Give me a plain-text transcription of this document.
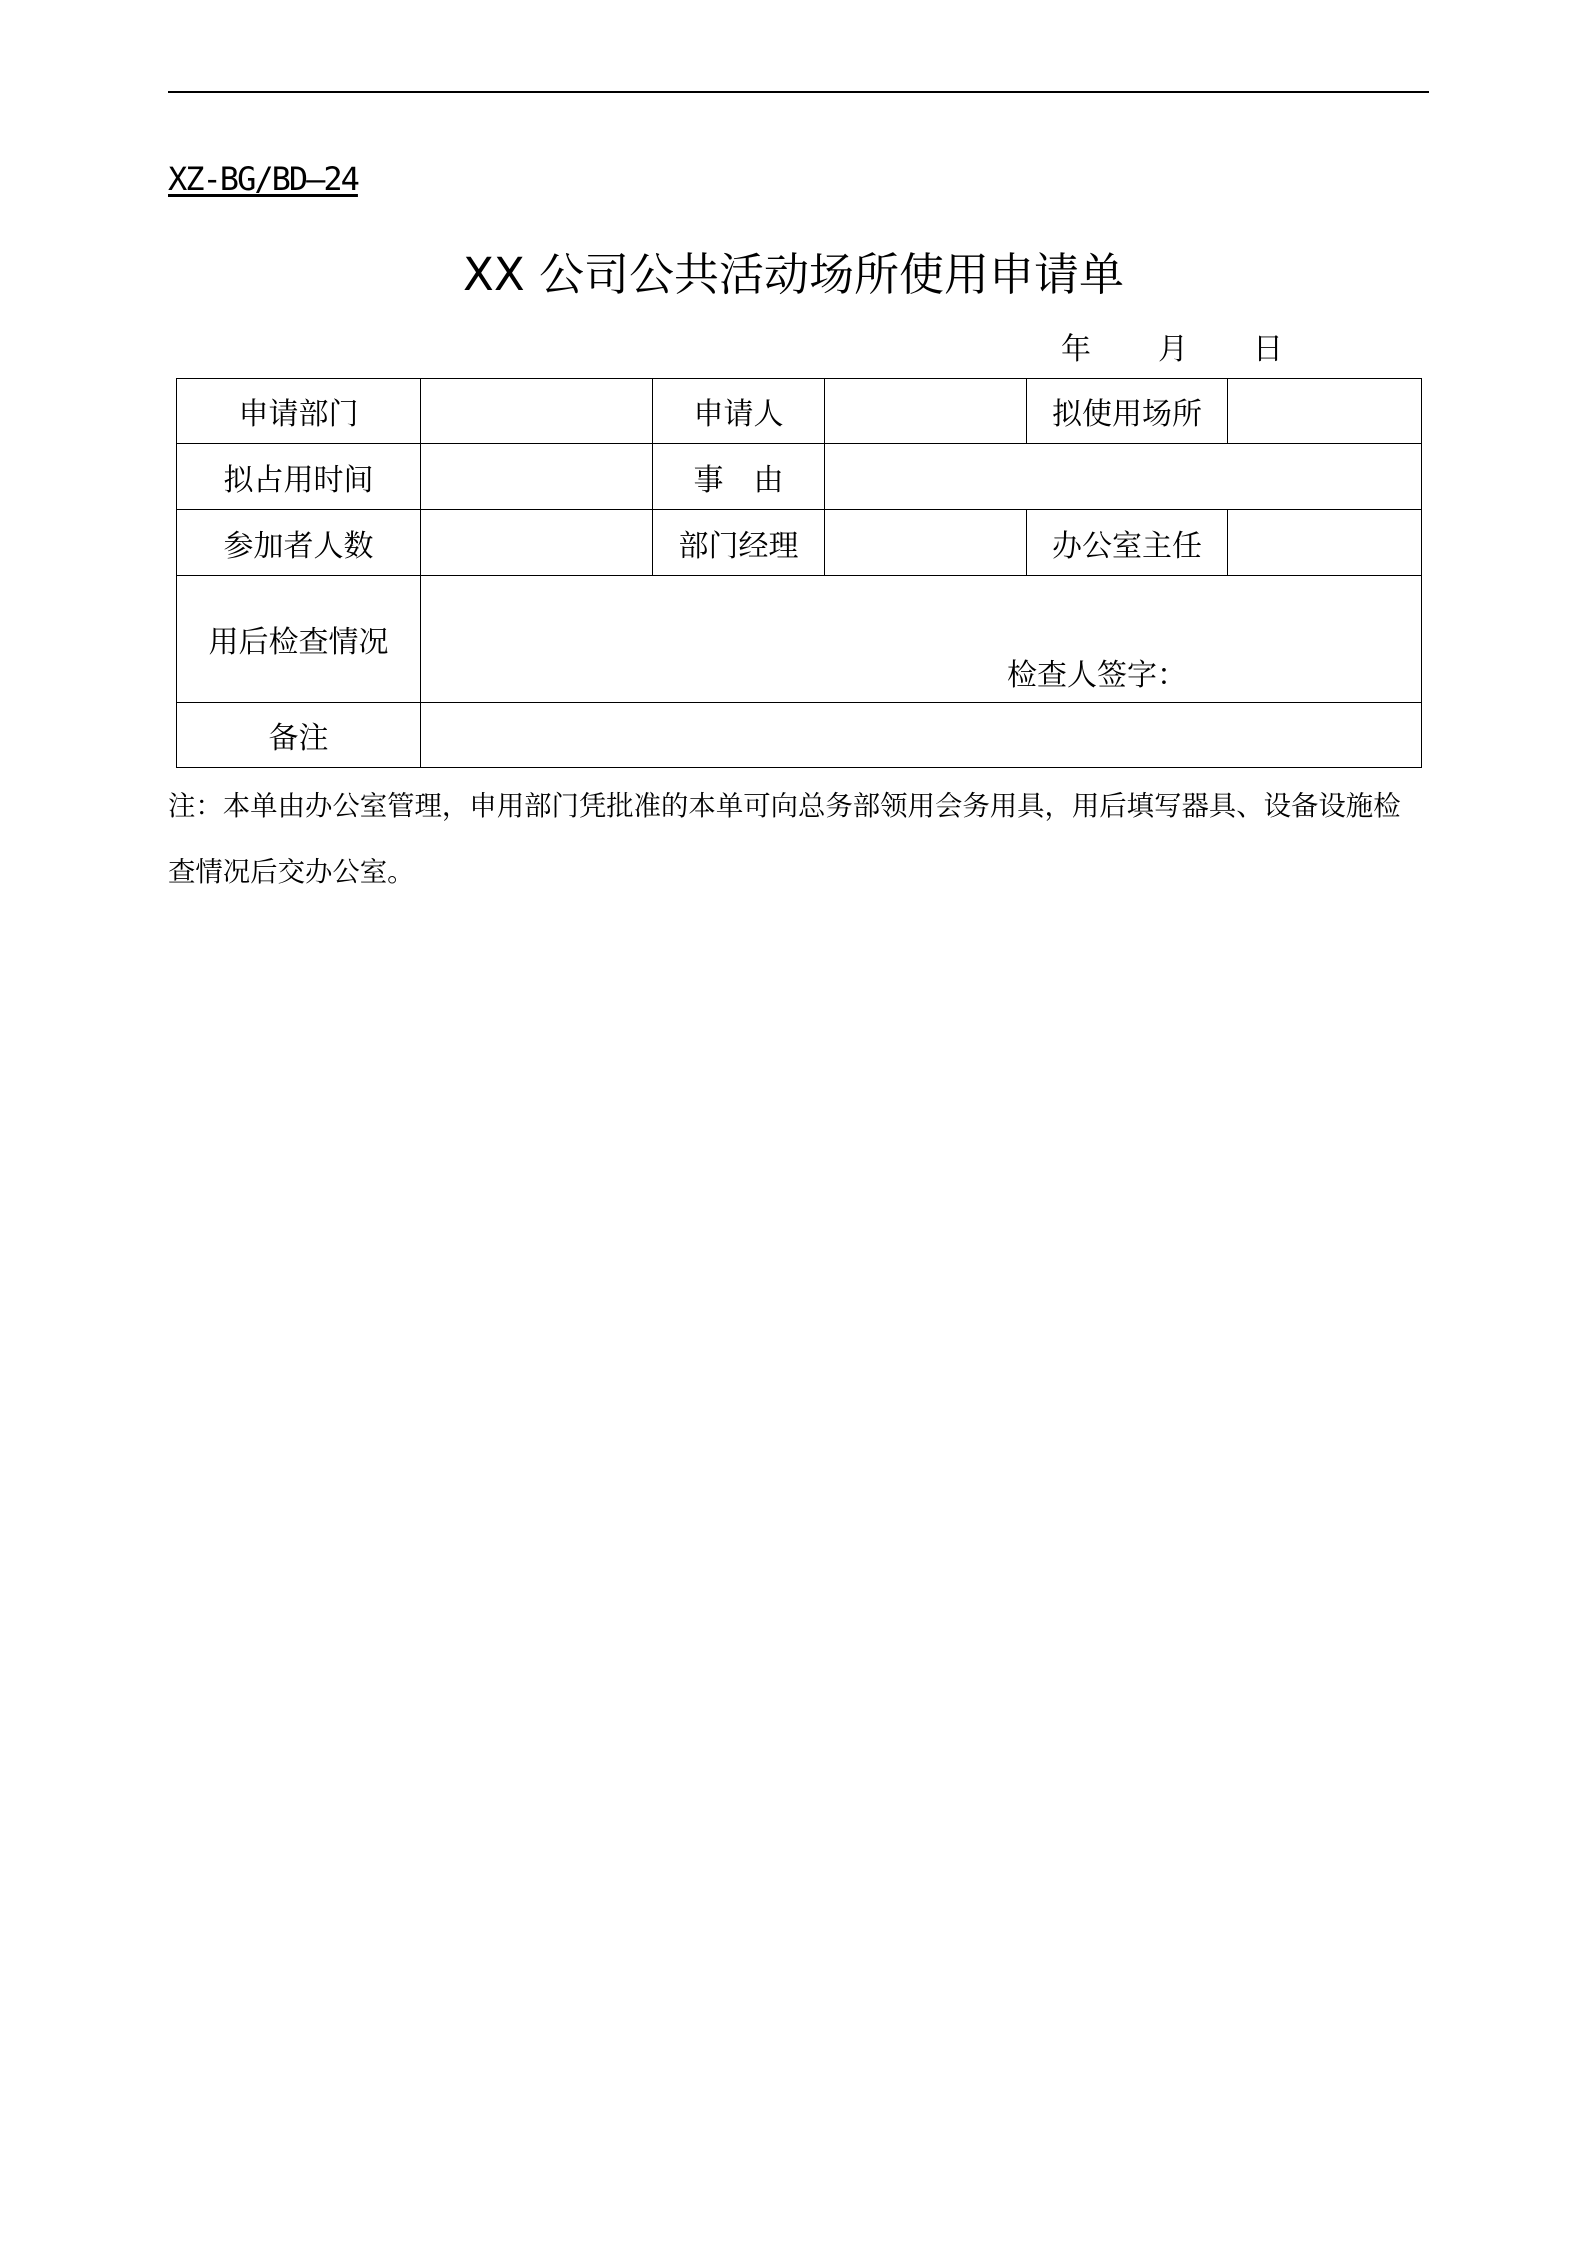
XZ-BG/BD—24
XX 公司公共活动场所使用申请单
年 月 日
申请部门		申请人		拟使用场所	
拟占用时间		事　由			
参加者人数		部门经理		办公室主任	
用后检查情况	检查人签字：				

备注					
注：本单由办公室管理，申用部门凭批准的本单可向总务部领用会务用具，用后填写器具、设备设施检
查情况后交办公室。
